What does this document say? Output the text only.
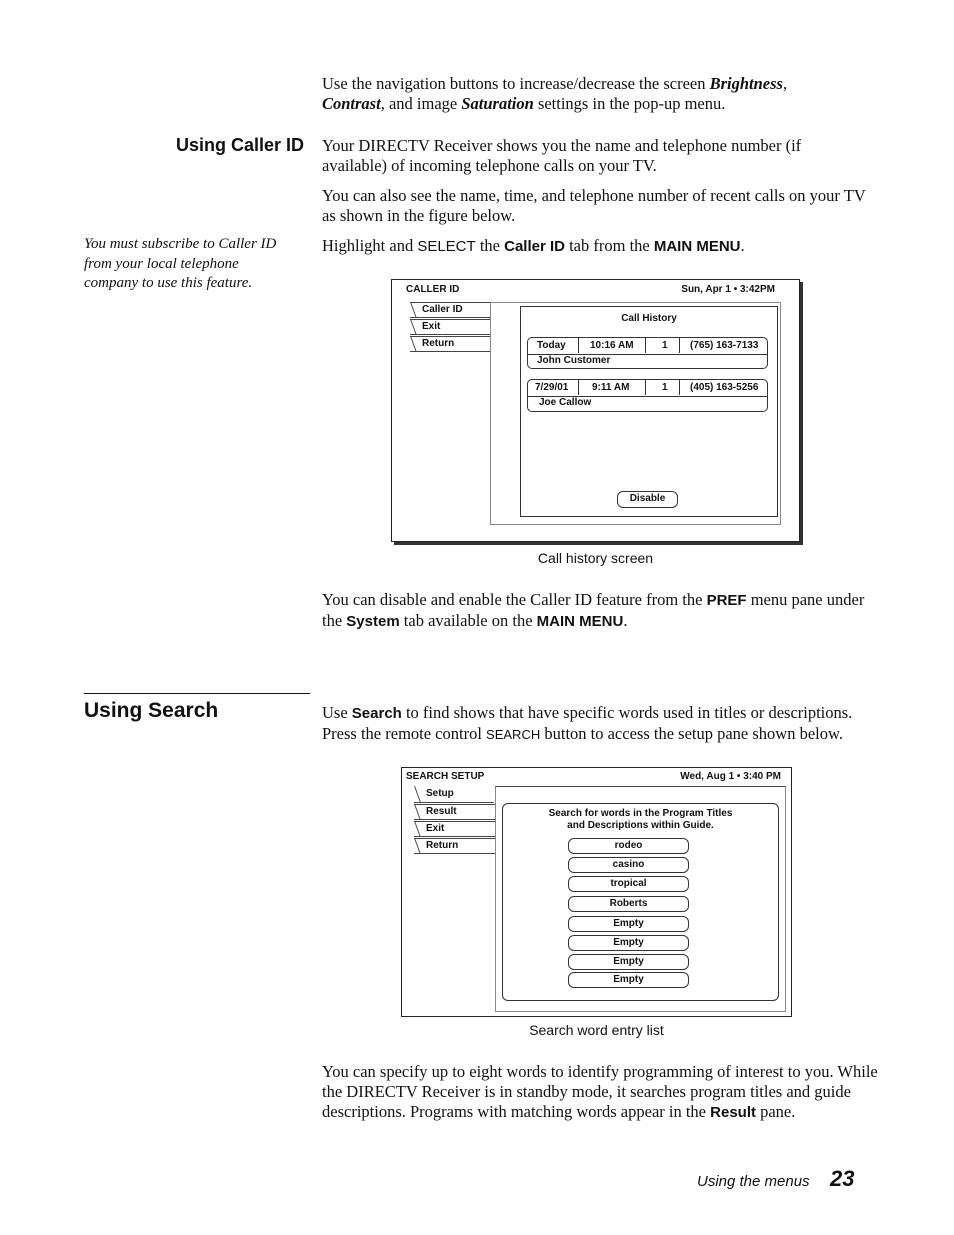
Use the navigation buttons to increase/decrease the screen Brightness,
Contrast, and image Saturation settings in the pop-up menu.

Using Caller ID Your DIRECTV Receiver shows you the name and telephone number (if available) of incoming telephone calls on your TV.

You can also see the name, time, and telephone number of recent calls on your TV as shown in the figure below.

Highlight and SELECT the Caller ID tab from the MAIN MENU.

You must subscribe to Caller ID from your local telephone company to use this feature.	CALLER ID	Sun, Apr 1 • 3:42PM
Caller ID
Exit
Return
Call History
Today 10:16 AM	1 (765) 163-7133
John Customer
7/29/01 9:11 AM	1 (405) 163-5256
Joe Callow
Disable
Call history screen

You can disable and enable the Caller ID feature from the PREF menu pane under the System tab available on the MAIN MENU.

Using Search	Use Search to find shows that have specific words used in titles or descriptions. Press the remote control SEARCH button to access the setup pane shown below.

SEARCH SETUP	Wed, Aug 1 • 3:40 PM
Setup
Result
Exit
Return
Search for words in the Program Titles
and Descriptions within Guide.
rodeo
casino
tropical
Roberts
Empty
Empty
Empty
Empty
Search word entry list

You can specify up to eight words to identify programming of interest to you. While the DIRECTV Receiver is in standby mode, it searches program titles and guide descriptions. Programs with matching words appear in the Result pane.

Using the menus 23
